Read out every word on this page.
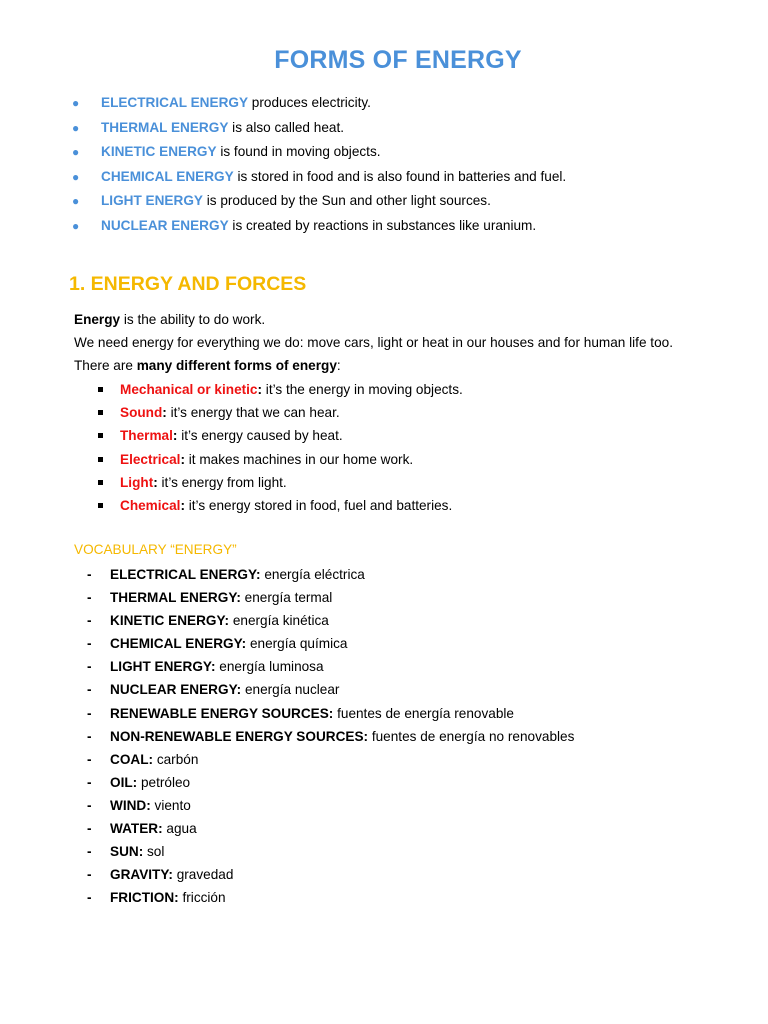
FORMS OF ENERGY
● ELECTRICAL ENERGY produces electricity.
● THERMAL ENERGY is also called heat.
● KINETIC ENERGY is found in moving objects.
● CHEMICAL ENERGY is stored in food and is also found in batteries and fuel.
● LIGHT ENERGY is produced by the Sun and other light sources.
● NUCLEAR ENERGY is created by reactions in substances like uranium.
1. ENERGY AND FORCES
Energy is the ability to do work.
We need energy for everything we do: move cars, light or heat in our houses and for human life too.
There are many different forms of energy:
Mechanical or kinetic: it’s the energy in moving objects.
Sound: it’s energy that we can hear.
Thermal: it’s energy caused by heat.
Electrical: it makes machines in our home work.
Light: it’s energy from light.
Chemical: it’s energy stored in food, fuel and batteries.
VOCABULARY “ENERGY”
- ELECTRICAL ENERGY: energía eléctrica
- THERMAL ENERGY: energía termal
- KINETIC ENERGY: energía kinética
- CHEMICAL ENERGY: energía química
- LIGHT ENERGY: energía luminosa
- NUCLEAR ENERGY: energía nuclear
- RENEWABLE ENERGY SOURCES: fuentes de energía renovable
- NON-RENEWABLE ENERGY SOURCES: fuentes de energía no renovables
- COAL: carbón
- OIL: petróleo
- WIND: viento
- WATER: agua
- SUN: sol
- GRAVITY: gravedad
- FRICTION: fricción
